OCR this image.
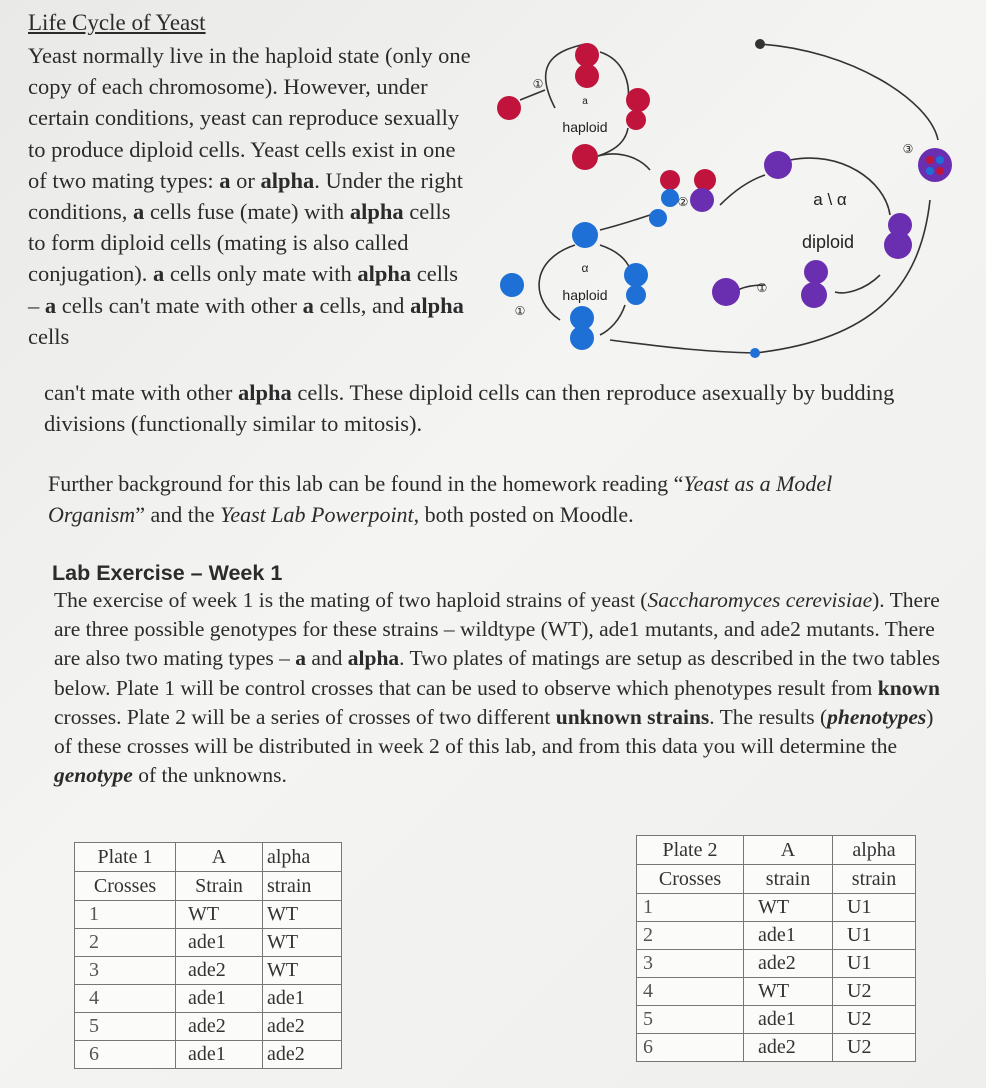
Life Cycle of Yeast

Yeast normally live in the haploid state (only one copy of each chromosome). However, under certain conditions, yeast can reproduce sexually to produce diploid cells. Yeast cells exist in one of two mating types: a or alpha. Under the right conditions, a cells fuse (mate) with alpha cells to form diploid cells (mating is also called conjugation). a cells only mate with alpha cells – a cells can't mate with other a cells, and alpha cells

can't mate with other alpha cells. These diploid cells can then reproduce asexually by budding divisions (functionally similar to mitosis).

a
haploid
α
haploid
a \ α
diploid
①
①
①
②
③

Further background for this lab can be found in the homework reading “Yeast as a Model Organism” and the Yeast Lab Powerpoint, both posted on Moodle.

Lab Exercise – Week 1

The exercise of week 1 is the mating of two haploid strains of yeast (Saccharomyces cerevisiae). There are three possible genotypes for these strains – wildtype (WT), ade1 mutants, and ade2 mutants. There are also two mating types – a and alpha. Two plates of matings are setup as described in the two tables below. Plate 1 will be control crosses that can be used to observe which phenotypes result from known crosses. Plate 2 will be a series of crosses of two different unknown strains. The results (phenotypes) of these crosses will be distributed in week 2 of this lab, and from this data you will determine the genotype of the unknowns.

Plate 1	A	alpha
Crosses	Strain	strain
1	WT	WT
2	ade1	WT
3	ade2	WT
4	ade1	ade1
5	ade2	ade2
6	ade1	ade2
Plate 2	A	alpha
Crosses	strain	strain
1	WT	U1
2	ade1	U1
3	ade2	U1
4	WT	U2
5	ade1	U2
6	ade2	U2
